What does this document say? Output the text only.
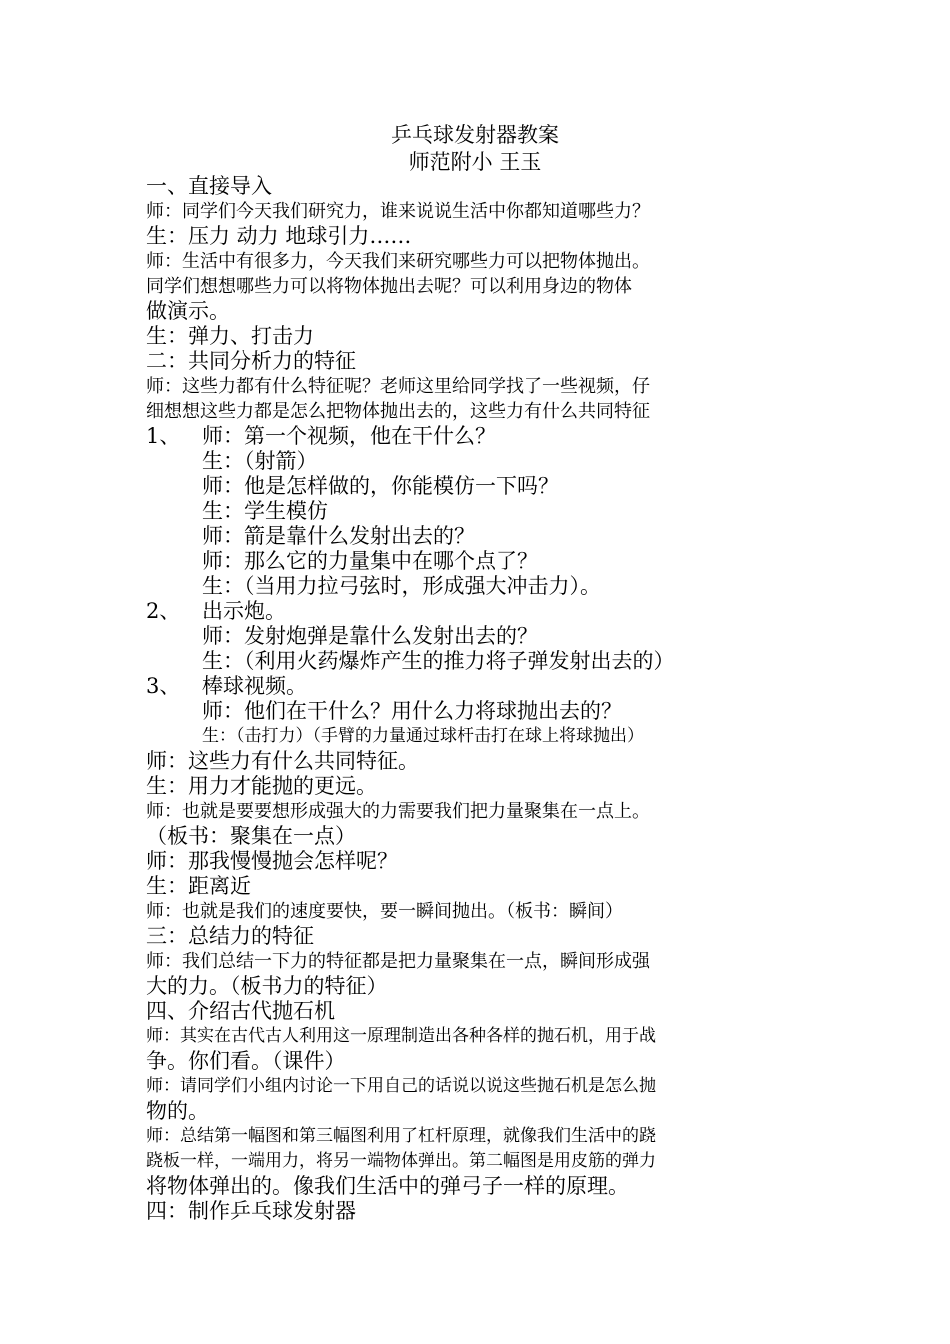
乒乓球发射器教案
师范附小 王玉

一、直接导入

师：同学们今天我们研究力，谁来说说生活中你都知道哪些力？

生：压力 动力 地球引力……

师：生活中有很多力，今天我们来研究哪些力可以把物体抛出。

同学们想想哪些力可以将物体抛出去呢？可以利用身边的物体

做演示。

生：弹力、打击力

二：共同分析力的特征

师：这些力都有什么特征呢？老师这里给同学找了一些视频，仔

细想想这些力都是怎么把物体抛出去的，这些力有什么共同特征

1、 师：第一个视频，他在干什么？

生：（射箭）

师：他是怎样做的，你能模仿一下吗？

生：学生模仿

师：箭是靠什么发射出去的？

师：那么它的力量集中在哪个点了？

生：（当用力拉弓弦时，形成强大冲击力）。

2、 出示炮。

师：发射炮弹是靠什么发射出去的？

生：（利用火药爆炸产生的推力将子弹发射出去的）

3、 棒球视频。

师：他们在干什么？用什么力将球抛出去的？

生：（击打力）（手臂的力量通过球杆击打在球上将球抛出）

师：这些力有什么共同特征。

生：用力才能抛的更远。

师：也就是要要想形成强大的力需要我们把力量聚集在一点上。

（板书：聚集在一点）

师：那我慢慢抛会怎样呢？

生：距离近

师：也就是我们的速度要快，要一瞬间抛出。（板书：瞬间）

三：总结力的特征

师：我们总结一下力的特征都是把力量聚集在一点，瞬间形成强

大的力。（板书力的特征）

四、介绍古代抛石机

师：其实在古代古人利用这一原理制造出各种各样的抛石机，用于战

争。你们看。（课件）

师：请同学们小组内讨论一下用自己的话说以说这些抛石机是怎么抛

物的。

师：总结第一幅图和第三幅图利用了杠杆原理，就像我们生活中的跷

跷板一样，一端用力，将另一端物体弹出。第二幅图是用皮筋的弹力

将物体弹出的。像我们生活中的弹弓子一样的原理。

四：制作乒乓球发射器
